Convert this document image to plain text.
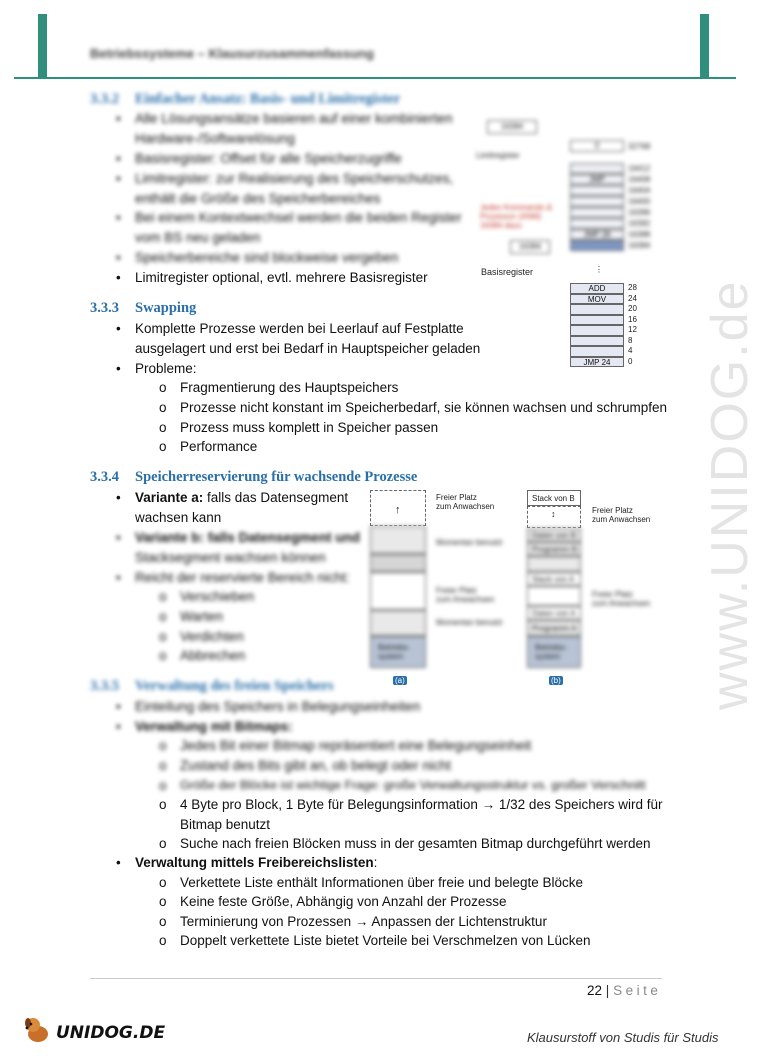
Betriebssysteme – Klausurzusammenfassung
www.UNIDOG.de
3.3.2 Einfacher Ansatz: Basis- und Limitregister
• Alle Lösungsansätze basieren auf einer kombinierten
Hardware-/Softwarelösung
• Basisregister: Offset für alle Speicherzugriffe
• Limitregister: zur Realisierung des Speicherschutzes,
enthält die Größe des Speicherbereiches
• Bei einem Kontextwechsel werden die beiden Register
vom BS neu geladen
• Speicherbereiche sind blockweise vergeben
• Limitregister optional, evtl. mehrere Basisregister
16384
Limitregister
Jedes Kommando &
Prozessor (ANM)
16384 dazu
0	32768
16412
JMP	16408
16404
16400
16396
16392
JMP 28	16388
16384
16384
Basisregister	⋮
ADD	28
MOV	24
20
16
12
8
4
JMP 24	0
3.3.3 Swapping
• Komplette Prozesse werden bei Leerlauf auf Festplatte
ausgelagert und erst bei Bedarf in Hauptspeicher geladen
• Probleme:
o Fragmentierung des Hauptspeichers
o Prozesse nicht konstant im Speicherbedarf, sie können wachsen und schrumpfen
o Prozess muss komplett in Speicher passen
o Performance
3.3.4 Speicherreservierung für wachsende Prozesse
• Variante a: falls das Datensegment
wachsen kann
• Variante b: falls Datensegment und
Stacksegment wachsen können
• Reicht der reservierte Bereich nicht:
o Verschieben
o Warten
o Verdichten
o Abbrechen
↑
Freier Platz
zum Anwachsen
Momentan benutzt
Freier Platz
zum Anwachsen
Momentan benutzt
Betriebs-
system
(a)
Stack von B
↕	Freier Platz
zum Anwachsen
Daten von B
Programm B
Stack von A
Daten von A
Programm A
Betriebs-
system
Freier Platz
zum Anwachsen
(b)
3.3.5 Verwaltung des freien Speichers
• Einteilung des Speichers in Belegungseinheiten
• Verwaltung mit Bitmaps:
o Jedes Bit einer Bitmap repräsentiert eine Belegungseinheit
o Zustand des Bits gibt an, ob belegt oder nicht
o Größe der Blöcke ist wichtige Frage: große Verwaltungsstruktur vs. großer Verschnitt
o 4 Byte pro Block, 1 Byte für Belegungsinformation → 1/32 des Speichers wird für
Bitmap benutzt
o Suche nach freien Blöcken muss in der gesamten Bitmap durchgeführt werden
• Verwaltung mittels Freibereichslisten:
o Verkettete Liste enthält Informationen über freie und belegte Blöcke
o Keine feste Größe, Abhängig von Anzahl der Prozesse
o Terminierung von Prozessen → Anpassen der Lichtenstruktur
o Doppelt verkettete Liste bietet Vorteile bei Verschmelzen von Lücken
22 | Seite
UNIDOG.DE	Klausurstoff von Studis für Studis
